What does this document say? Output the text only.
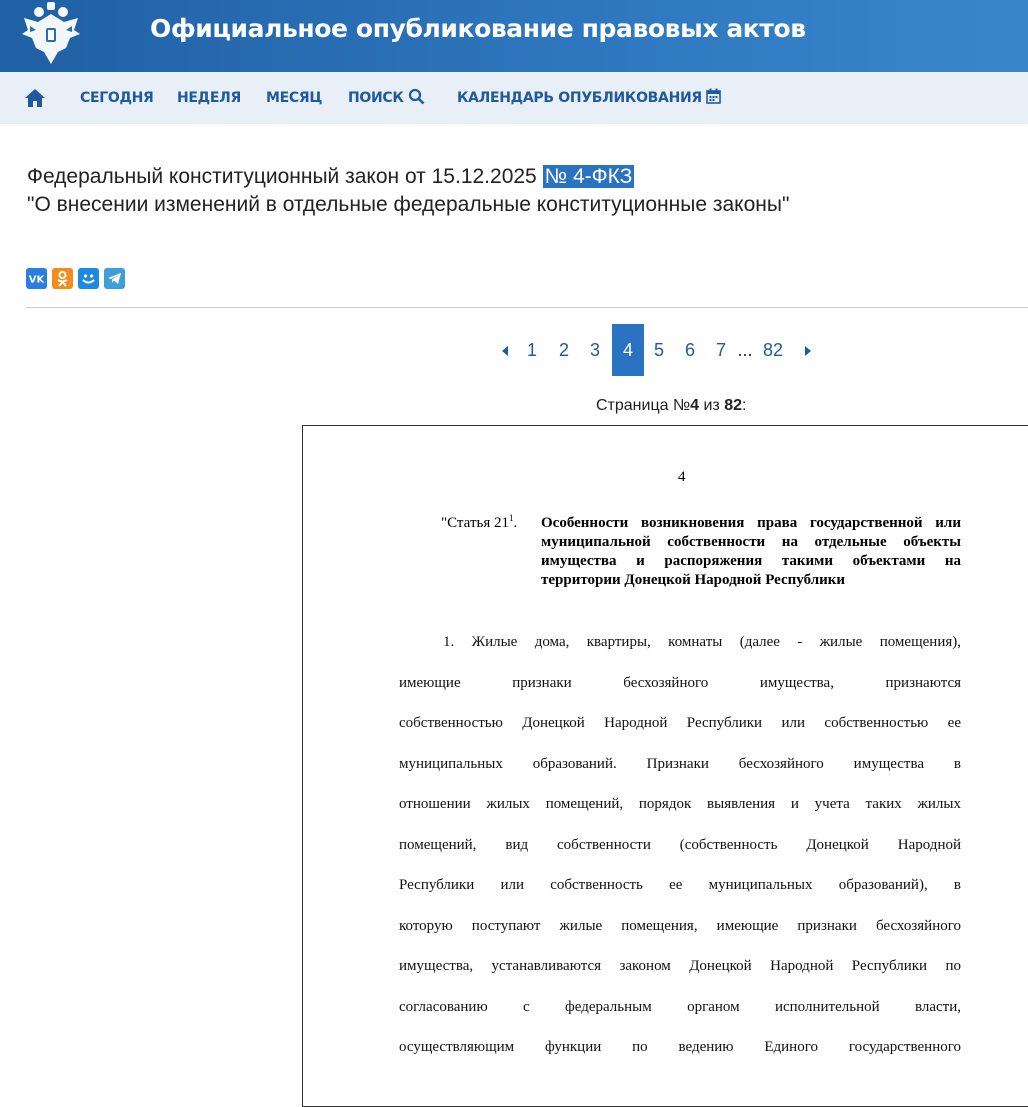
Официальное опубликование правовых актов
СЕГОДНЯ НЕДЕЛЯ МЕСЯЦ ПОИСК	КАЛЕНДАРЬ ОПУБЛИКОВАНИЯ
Федеральный конституционный закон от 15.12.2025 № 4-ФКЗ
"О внесении изменений в отдельные федеральные конституционные законы"
VK
1	2	3	4	5	6	7 ... 82
Страница №4 из 82:
4
"Статья $21^1$. Особенности возникновения права государственной или муниципальной собственности на отдельные объекты имущества и распоряжения такими объектами на территории Донецкой Народной Республики
1. Жилые дома, квартиры, комнаты (далее - жилые помещения),
имеющие признаки бесхозяйного имущества, признаются
собственностью Донецкой Народной Республики или собственностью ее
муниципальных образований. Признаки бесхозяйного имущества в
отношении жилых помещений, порядок выявления и учета таких жилых
помещений, вид собственности (собственность Донецкой Народной
Республики или собственность ее муниципальных образований), в
которую поступают жилые помещения, имеющие признаки бесхозяйного
имущества, устанавливаются законом Донецкой Народной Республики по
согласованию с федеральным органом исполнительной власти,
осуществляющим функции по ведению Единого государственного
